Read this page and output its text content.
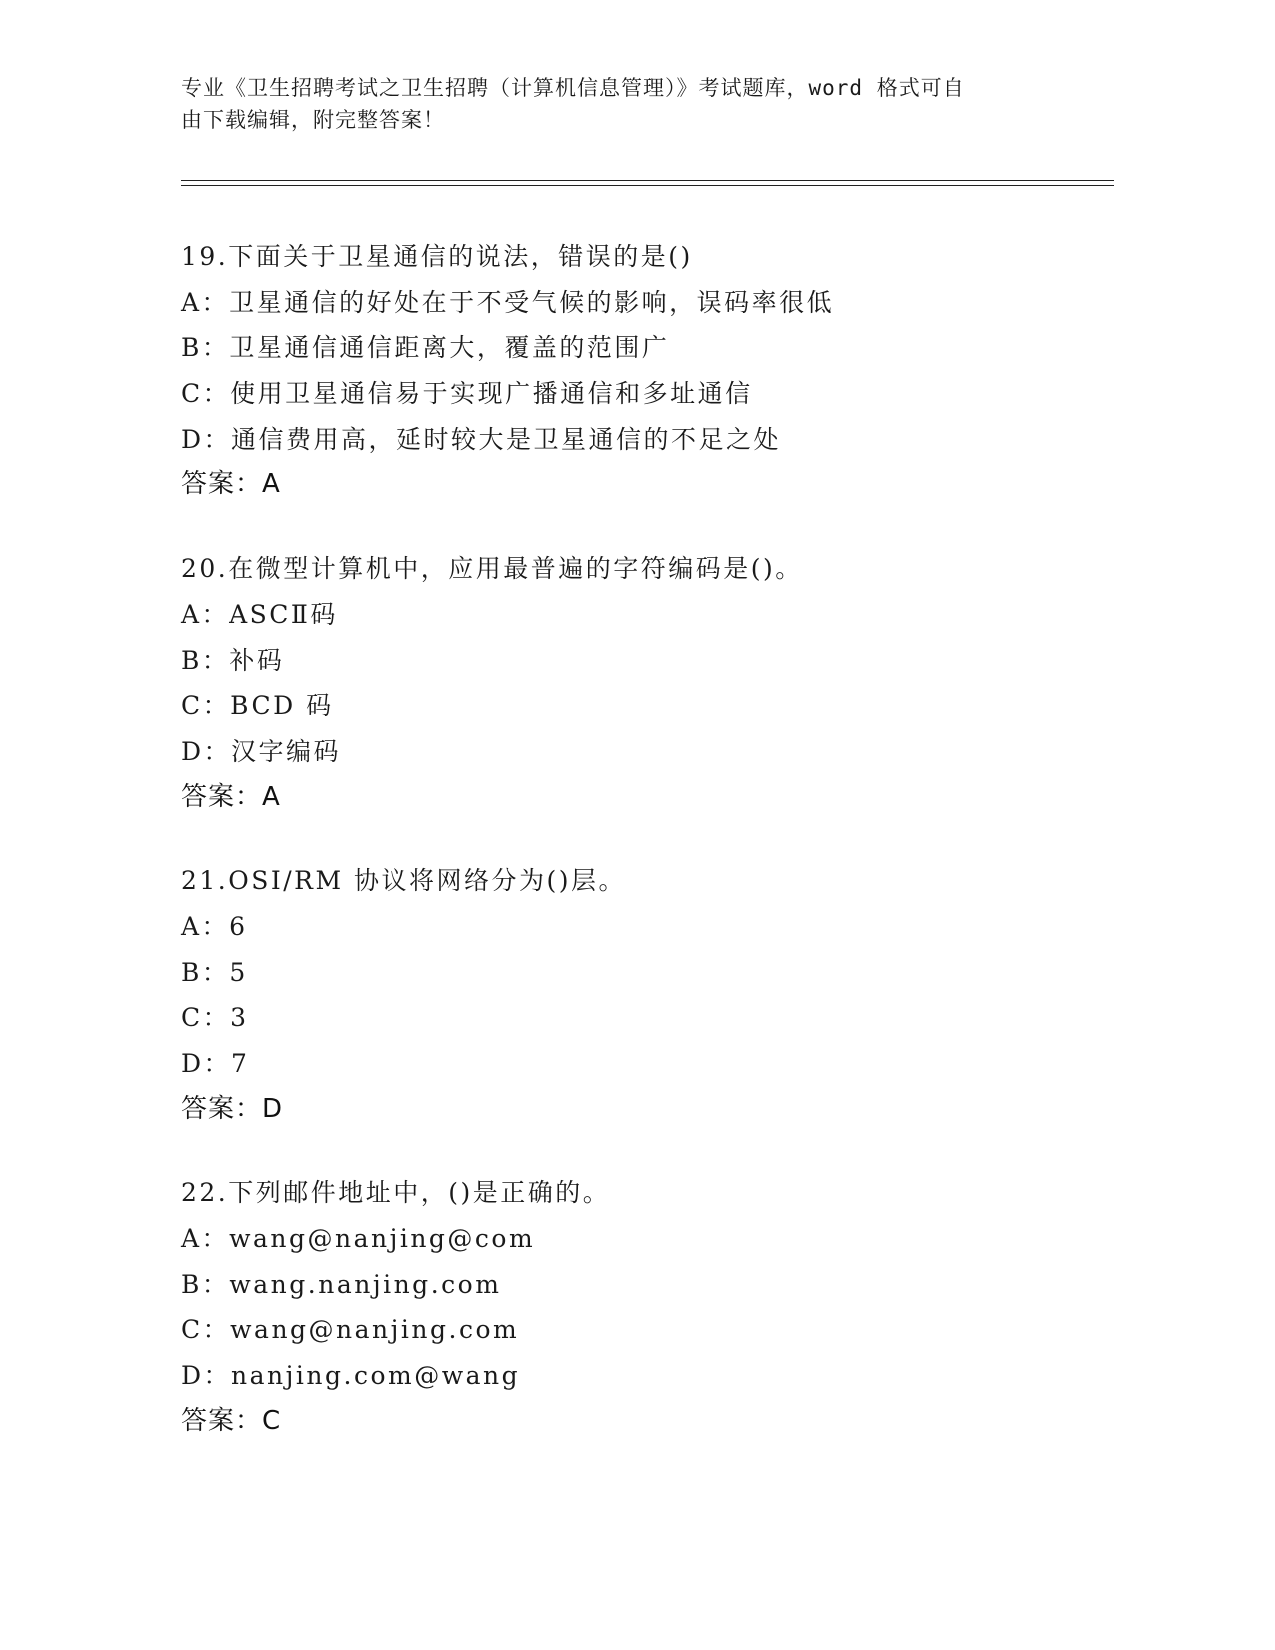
专业《卫生招聘考试之卫生招聘（计算机信息管理）》考试题库，word 格式可自
由下载编辑，附完整答案！
19.下面关于卫星通信的说法，错误的是()
A：卫星通信的好处在于不受气候的影响，误码率很低
B：卫星通信通信距离大，覆盖的范围广
C：使用卫星通信易于实现广播通信和多址通信
D：通信费用高，延时较大是卫星通信的不足之处
答案：A
20.在微型计算机中，应用最普遍的字符编码是()。
A：ASCⅡ码
B：补码
C：BCD 码
D：汉字编码
答案：A
21.OSI/RM 协议将网络分为()层。
A：6
B：5
C：3
D：7
答案：D
22.下列邮件地址中，()是正确的。
A：wang@nanjing@com
B：wang.nanjing.com
C：wang@nanjing.com
D：nanjing.com@wang
答案：C
